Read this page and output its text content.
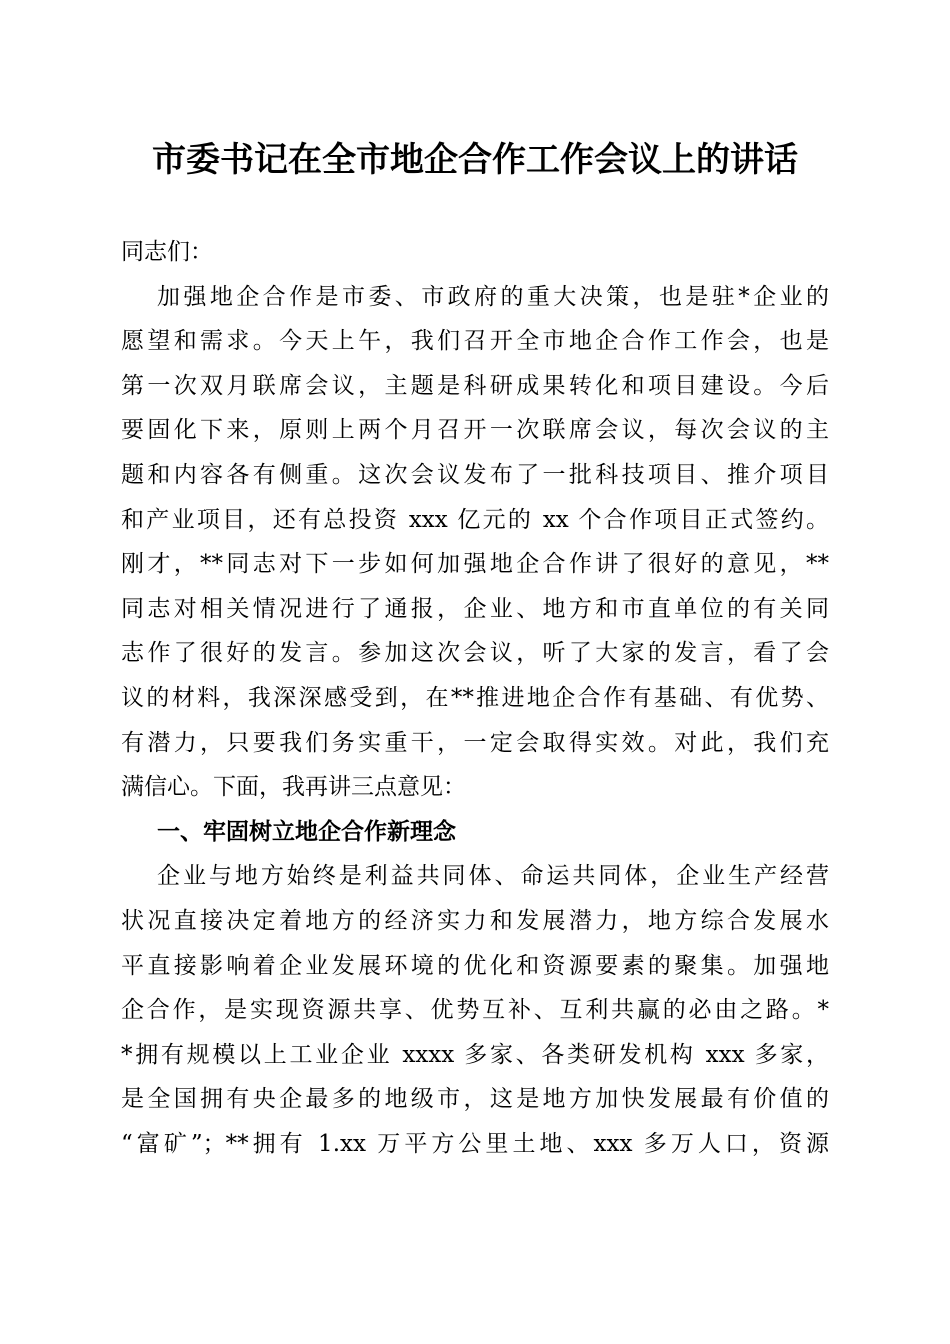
市委书记在全市地企合作工作会议上的讲话
同志们：
加强地企合作是市委、市政府的重大决策，也是驻*企业的
愿望和需求。今天上午，我们召开全市地企合作工作会，也是
第一次双月联席会议，主题是科研成果转化和项目建设。今后
要固化下来，原则上两个月召开一次联席会议，每次会议的主
题和内容各有侧重。这次会议发布了一批科技项目、推介项目
和产业项目，还有总投资 xxx 亿元的 xx 个合作项目正式签约。
刚才，**同志对下一步如何加强地企合作讲了很好的意见，**
同志对相关情况进行了通报，企业、地方和市直单位的有关同
志作了很好的发言。参加这次会议，听了大家的发言，看了会
议的材料，我深深感受到，在**推进地企合作有基础、有优势、
有潜力，只要我们务实重干，一定会取得实效。对此，我们充
满信心。下面，我再讲三点意见：
一、牢固树立地企合作新理念
企业与地方始终是利益共同体、命运共同体，企业生产经营
状况直接决定着地方的经济实力和发展潜力，地方综合发展水
平直接影响着企业发展环境的优化和资源要素的聚集。加强地
企合作，是实现资源共享、优势互补、互利共赢的必由之路。*
*拥有规模以上工业企业 xxxx 多家、各类研发机构 xxx 多家，
是全国拥有央企最多的地级市，这是地方加快发展最有价值的
“富矿”；**拥有 1.xx 万平方公里土地、xxx 多万人口，资源
